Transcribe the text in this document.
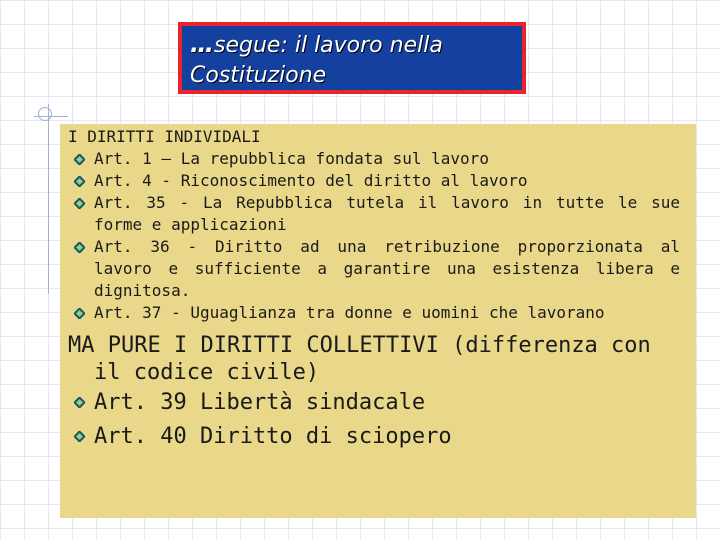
…segue: il lavoro nella Costituzione
I DIRITTI INDIVIDALI
Art. 1 – La repubblica fondata sul lavoro
Art. 4 - Riconoscimento del diritto al lavoro
Art. 35 - La Repubblica tutela il lavoro in tutte le sue forme e applicazioni
Art. 36 - Diritto ad una retribuzione proporzionata al lavoro e sufficiente a garantire una esistenza libera e dignitosa.
Art. 37 - Uguaglianza tra donne e uomini che lavorano
MA PURE I DIRITTI COLLETTIVI (differenza con il codice civile)
Art. 39 Libertà sindacale
Art. 40 Diritto di sciopero
